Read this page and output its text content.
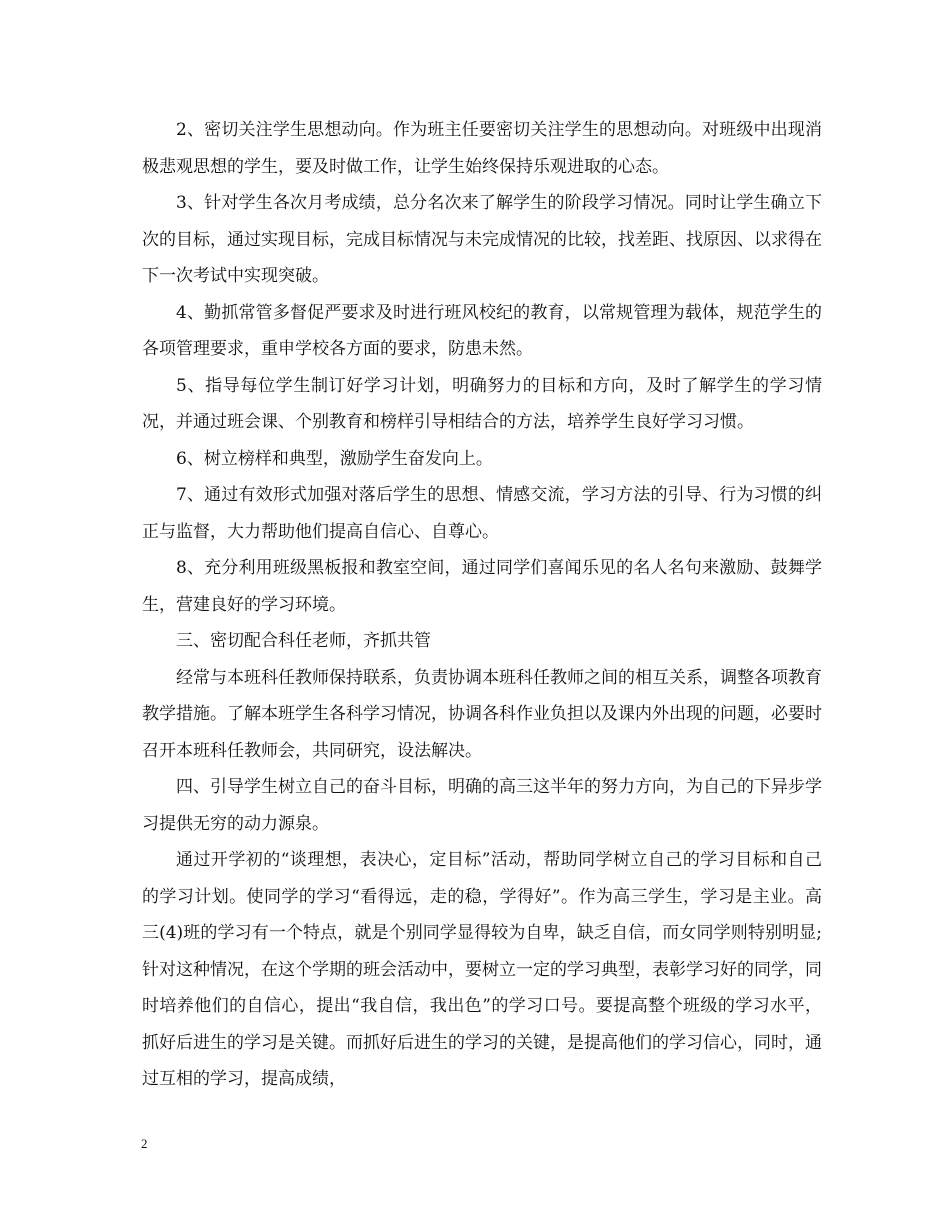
2、密切关注学生思想动向。作为班主任要密切关注学生的思想动向。对班级中出现消极悲观思想的学生，要及时做工作，让学生始终保持乐观进取的心态。

3、针对学生各次月考成绩，总分名次来了解学生的阶段学习情况。同时让学生确立下次的目标，通过实现目标，完成目标情况与未完成情况的比较，找差距、找原因、以求得在下一次考试中实现突破。

4、勤抓常管多督促严要求及时进行班风校纪的教育，以常规管理为载体，规范学生的各项管理要求，重申学校各方面的要求，防患未然。

5、指导每位学生制订好学习计划，明确努力的目标和方向，及时了解学生的学习情况，并通过班会课、个别教育和榜样引导相结合的方法，培养学生良好学习习惯。

6、树立榜样和典型，激励学生奋发向上。

7、通过有效形式加强对落后学生的思想、情感交流，学习方法的引导、行为习惯的纠正与监督，大力帮助他们提高自信心、自尊心。

8、充分利用班级黑板报和教室空间，通过同学们喜闻乐见的名人名句来激励、鼓舞学生，营建良好的学习环境。

三、密切配合科任老师，齐抓共管

经常与本班科任教师保持联系，负责协调本班科任教师之间的相互关系，调整各项教育教学措施。了解本班学生各科学习情况，协调各科作业负担以及课内外出现的问题，必要时召开本班科任教师会，共同研究，设法解决。

四、引导学生树立自己的奋斗目标，明确的高三这半年的努力方向，为自己的下异步学习提供无穷的动力源泉。

通过开学初的“谈理想，表决心，定目标”活动，帮助同学树立自己的学习目标和自己的学习计划。使同学的学习“看得远，走的稳，学得好”。作为高三学生，学习是主业。高三(4)班的学习有一个特点，就是个别同学显得较为自卑，缺乏自信，而女同学则特别明显;针对这种情况，在这个学期的班会活动中，要树立一定的学习典型，表彰学习好的同学，同时培养他们的自信心，提出“我自信，我出色”的学习口号。要提高整个班级的学习水平，抓好后进生的学习是关键。而抓好后进生的学习的关键，是提高他们的学习信心，同时，通过互相的学习，提高成绩，

2
